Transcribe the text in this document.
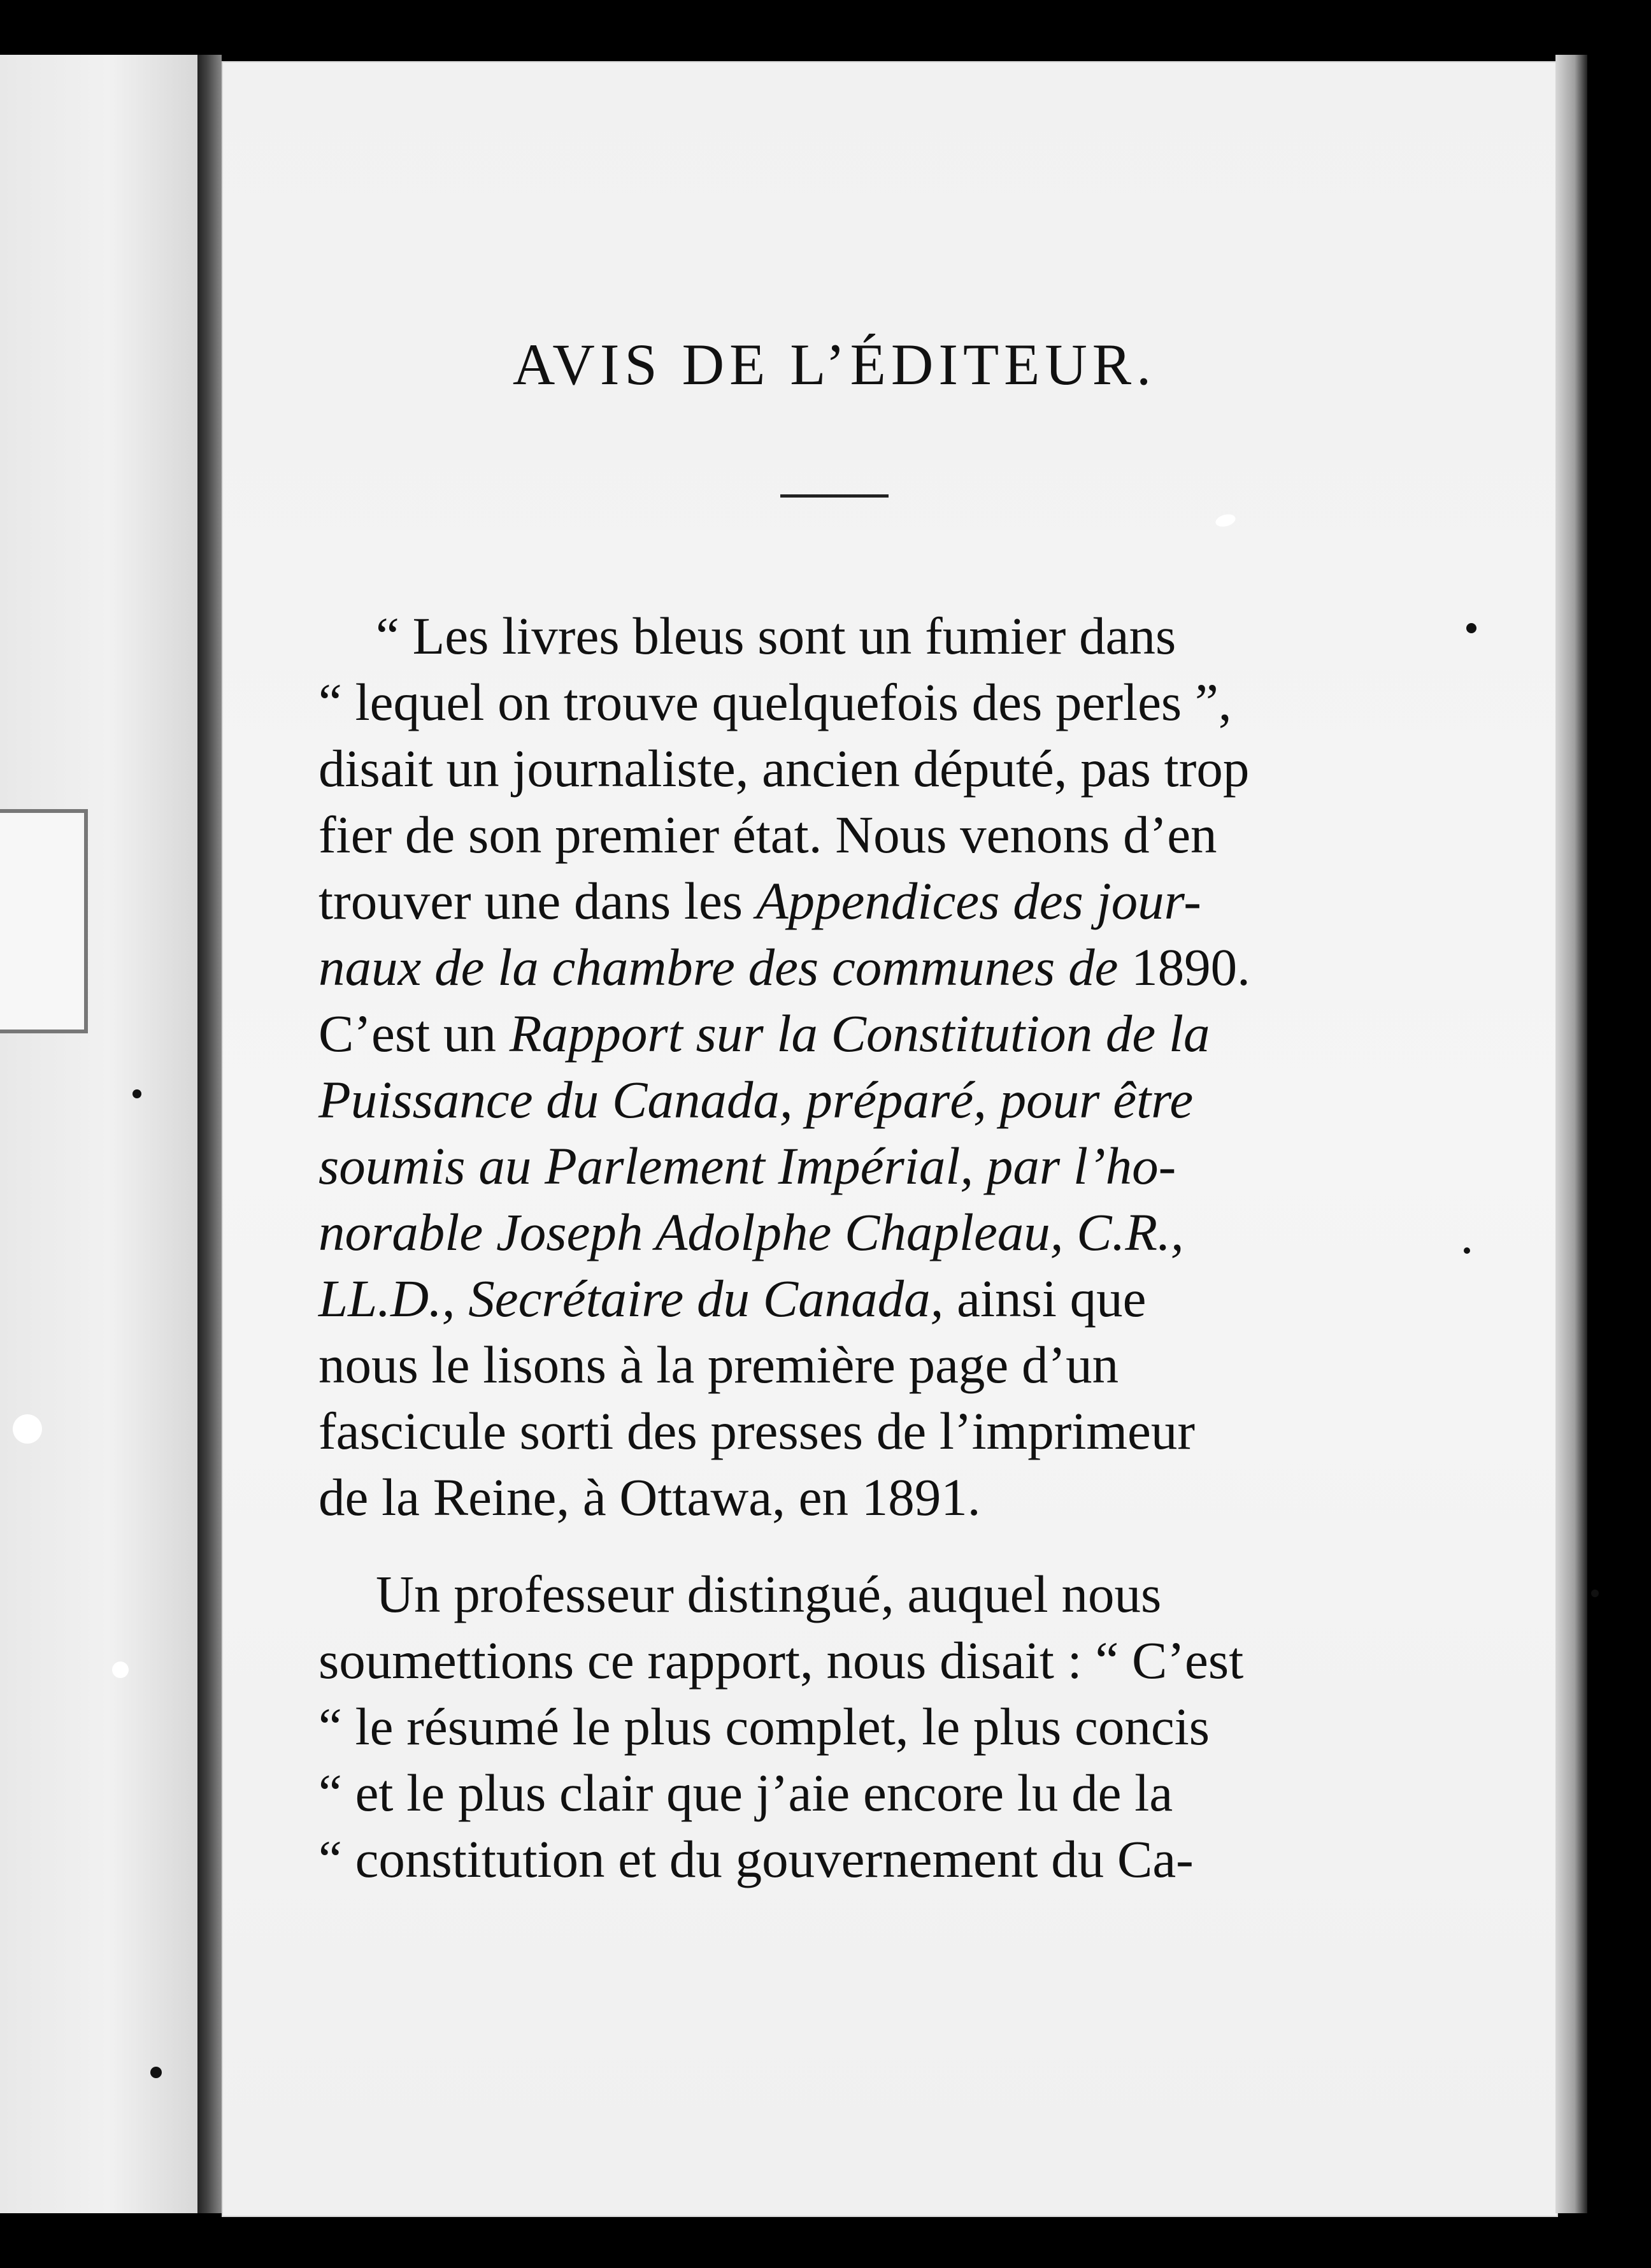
AVIS DE L’ÉDITEUR.

“ Les livres bleus sont un fumier dans
“ lequel on trouve quelquefois des perles ”,
disait un journaliste, ancien député, pas trop
fier de son premier état. Nous venons d’en
trouver une dans les Appendices des jour-
naux de la chambre des communes de 1890.
C’est un Rapport sur la Constitution de la
Puissance du Canada, préparé, pour être
soumis au Parlement Impérial, par l’ho-
norable Joseph Adolphe Chapleau, C.R.,
LL.D., Secrétaire du Canada, ainsi que
nous le lisons à la première page d’un
fascicule sorti des presses de l’imprimeur
de la Reine, à Ottawa, en 1891.

Un professeur distingué, auquel nous
soumettions ce rapport, nous disait : “ C’est
“ le résumé le plus complet, le plus concis
“ et le plus clair que j’aie encore lu de la
“ constitution et du gouvernement du Ca-
